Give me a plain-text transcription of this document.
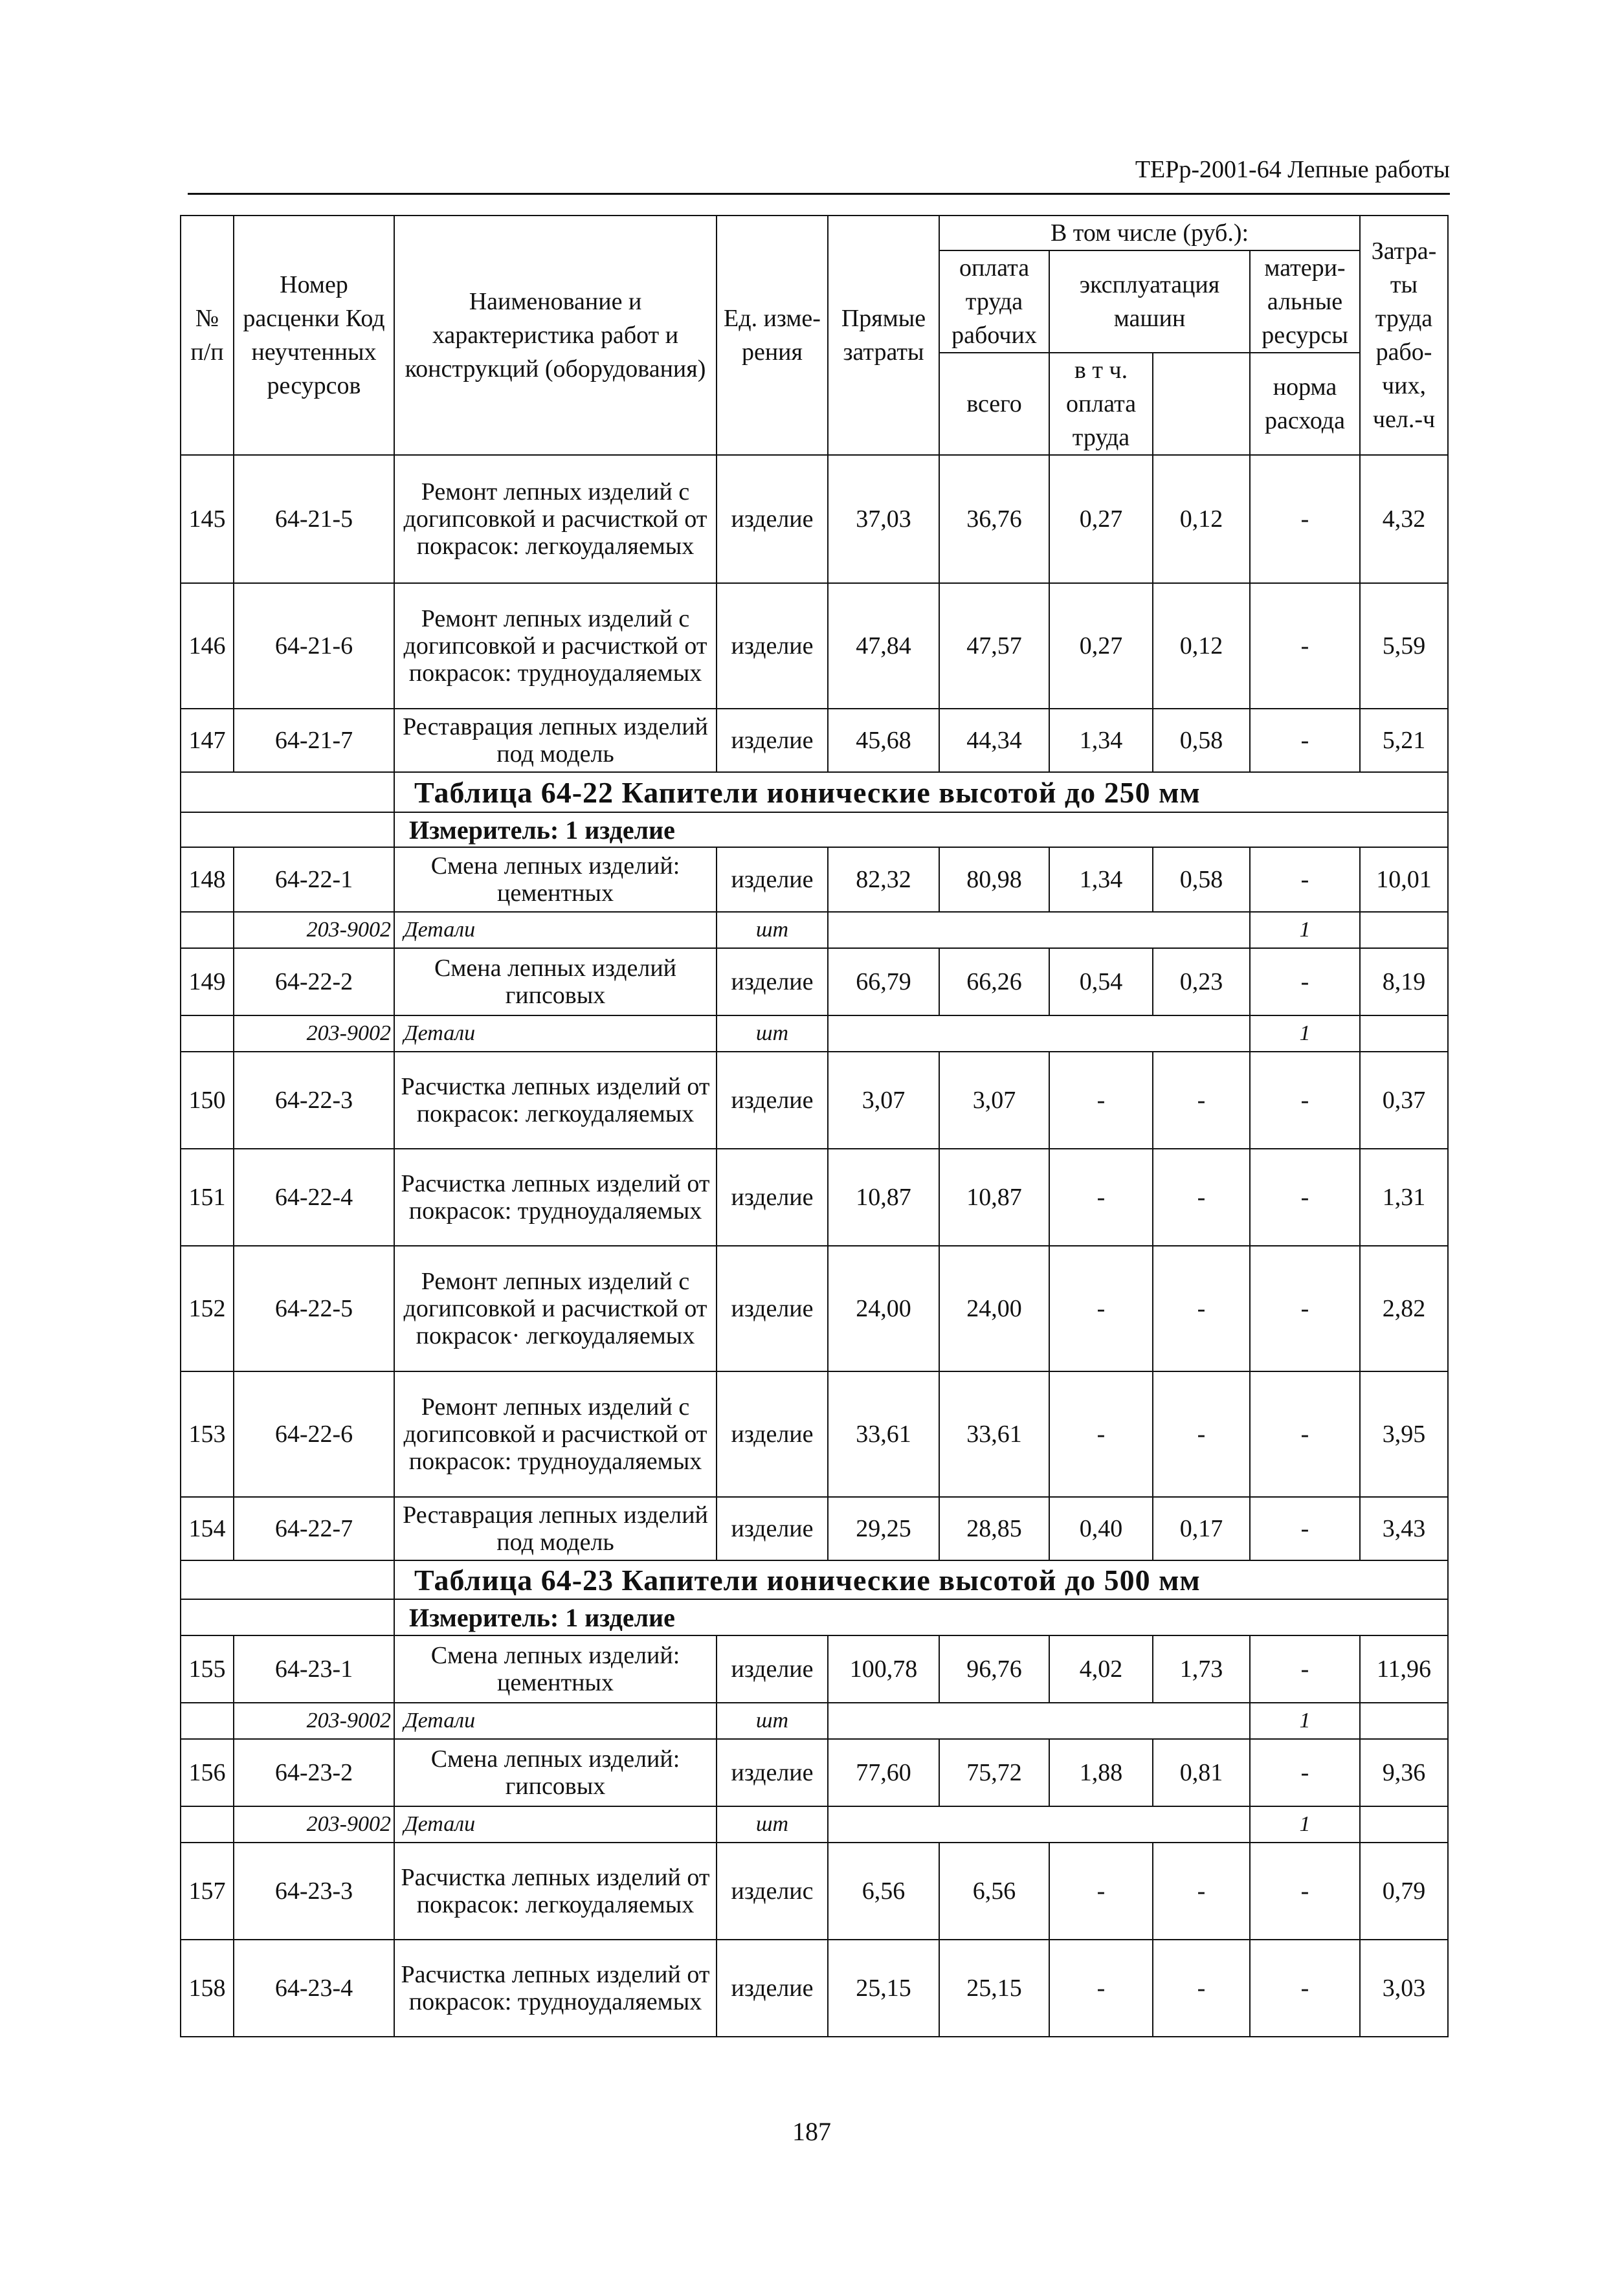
ТЕРр-2001-64 Лепные работы
№ п/п	Номер расценки Код неучтенных ресурсов	Наименование и характеристика работ и конструкций (оборудования)	Ед. изме- рения	Прямые затраты	В том числе (руб.):				Затра- ты труда рабо- чих, чел.-ч
					оплата труда рабочих	эксплуатация машин		матери- альные ресурсы	
								норма расхода	
					всего	в т ч. оплата труда		
145	64-21-5	Ремонт лепных изделий с догипсовкой и расчисткой от покрасок: легкоудаляемых	изделие	37,03	36,76	0,27	0,12	-	4,32
146	64-21-6	Ремонт лепных изделий с догипсовкой и расчисткой от покрасок: трудноудаляемых	изделие	47,84	47,57	0,27	0,12	-	5,59
147	64-21-7	Реставрация лепных изделий под модель	изделие	45,68	44,34	1,34	0,58	-	5,21
		Таблица 64-22 Капители ионические высотой до 250 мм							
		Измеритель: 1 изделие							
148	64-22-1	Смена лепных изделий: цементных	изделие	82,32	80,98	1,34	0,58	-	10,01
	203-9002	Детали	шт					1	
149	64-22-2	Смена лепных изделий гипсовых	изделие	66,79	66,26	0,54	0,23	-	8,19
	203-9002	Детали	шт					1	
150	64-22-3	Расчистка лепных изделий от покрасок: легкоудаляемых	изделие	3,07	3,07	-	-	-	0,37
151	64-22-4	Расчистка лепных изделий от покрасок: трудноудаляемых	изделие	10,87	10,87	-	-	-	1,31
152	64-22-5	Ремонт лепных изделий с догипсовкой и расчисткой от покрасок· легкоудаляемых	изделие	24,00	24,00	-	-	-	2,82
153	64-22-6	Ремонт лепных изделий с догипсовкой и расчисткой от покрасок: трудноудаляемых	изделие	33,61	33,61	-	-	-	3,95
154	64-22-7	Реставрация лепных изделий под модель	изделие	29,25	28,85	0,40	0,17	-	3,43
		Таблица 64-23 Капители ионические высотой до 500 мм							
		Измеритель: 1 изделие							
155	64-23-1	Смена лепных изделий: цементных	изделие	100,78	96,76	4,02	1,73	-	11,96
	203-9002	Детали	шт					1	
156	64-23-2	Смена лепных изделий: гипсовых	изделие	77,60	75,72	1,88	0,81	-	9,36
	203-9002	Детали	шт					1	
157	64-23-3	Расчистка лепных изделий от покрасок: легкоудаляемых	изделис	6,56	6,56	-	-	-	0,79
158	64-23-4	Расчистка лепных изделий от покрасок: трудноудаляемых	изделие	25,15	25,15	-	-	-	3,03
187
